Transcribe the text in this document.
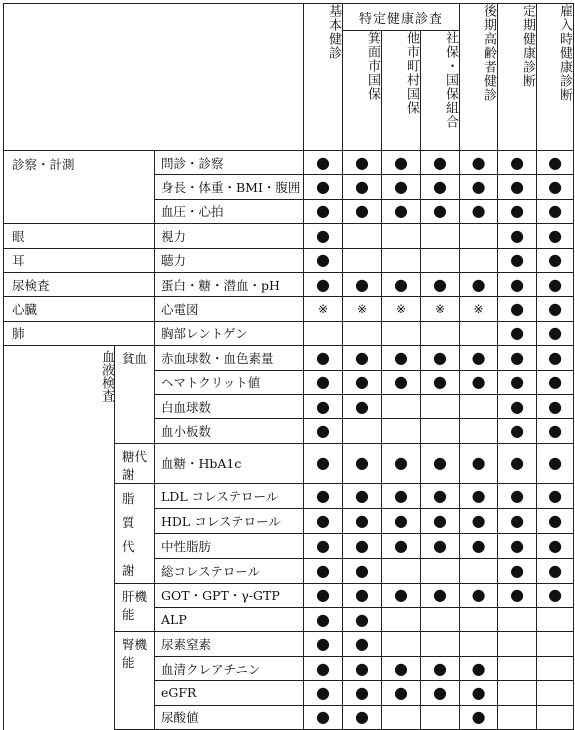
			基本健診	特定健康診査			後期高齢者健診	定期健康診断	雇入時健康診断
				箕面市国保	他市町村国保	社保・国保組合			
診察・計測		問診・診察	●	●	●	●	●	●	●
		身長・体重・BMI・腹囲	●	●	●	●	●	●	●
		血圧・心拍	●	●	●	●	●	●	●
眼		視力	●					●	●
耳		聴力	●					●	●
尿検査		蛋白・糖・潜血・pH	●	●	●	●	●	●	●
心臓		心電図	※	※	※	※	※	●	●
肺		胸部レントゲン						●	●
血液検査	貧血	赤血球数・血色素量	●	●	●	●	●	●	●
		ヘマトクリット値	●	●	●	●	●	●	●
		白血球数	●	●				●	●
		血小板数	●					●	●
	糖代謝	血糖・HbA1c	●	●	●	●	●	●	●
	脂質代謝	LDL コレステロール	●	●	●	●	●	●	●
		HDL コレステロール	●	●	●	●	●	●	●
		中性脂肪	●	●	●	●	●	●	●
		総コレステロール	●	●				●	●
	肝機能	GOT・GPT・γ-GTP	●	●	●	●	●	●	●
		ALP	●	●					
	腎機能	尿素窒素	●	●					
		血清クレアチニン	●	●	●	●	●		
		eGFR	●	●	●	●	●		
		尿酸値	●	●			●		
